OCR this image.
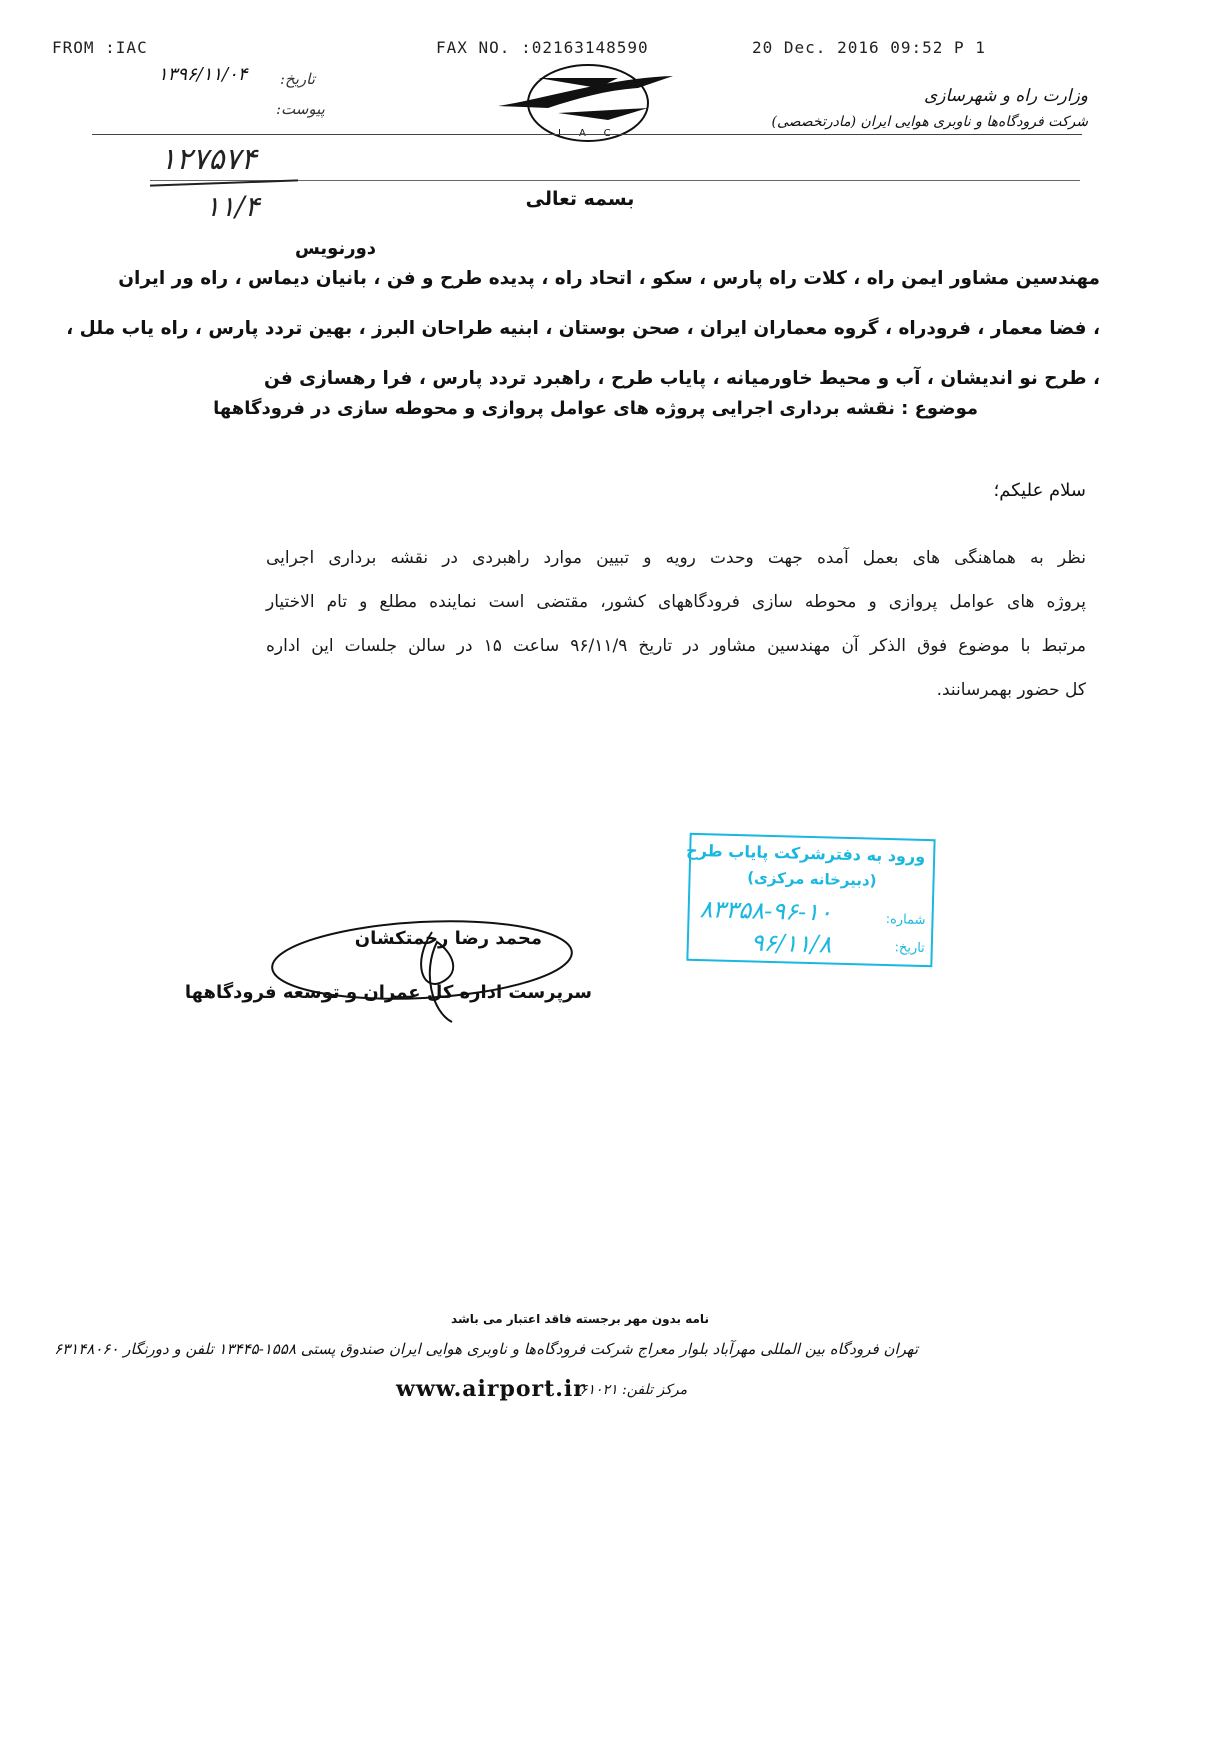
FROM :IAC	FAX NO. :02163148590	20 Dec. 2016 09:52 P 1
۱۳۹۶/۱۱/۰۴ تاریخ:
پیوست:
وزارت راه و شهرسازی
شرکت فرودگاه‌ها و ناوبری هوایی ایران (مادرتخصصی)
۱۲۷۵۷۴
۱۱/۴	بسمه تعالی
دورنویس
مهندسین مشاور ایمن راه ، کلات راه پارس ، سکو ، اتحاد راه ، پدیده طرح و فن ، بانیان دیماس ، راه ور ایران
، فضا معمار ، فرودراه ، گروه معماران ایران ، صحن بوستان ، ابنیه طراحان البرز ، بهین تردد پارس ، راه یاب ملل ،
، طرح نو اندیشان ، آب و محیط خاورمیانه ، پایاب طرح ، راهبرد تردد پارس ، فرا رهسازی فن
موضوع : نقشه برداری اجرایی پروژه های عوامل پروازی و محوطه سازی در فرودگاهها
سلام علیکم؛
نظر به هماهنگی های بعمل آمده جهت وحدت رویه و تبیین موارد راهبردی در نقشه برداری اجرایی
پروژه های عوامل پروازی و محوطه سازی فرودگاههای کشور، مقتضی است نماینده مطلع و تام الاختیار
مرتبط با موضوع فوق الذکر آن مهندسین مشاور در تاریخ ۹۶/۱۱/۹ ساعت ۱۵ در سالن جلسات این اداره
کل حضور بهمرسانند.
ورود به دفترشرکت پایاب طرح
(دبیرخانه مرکزی)
شماره:
۸۳۳۵۸-۹۶-۱۰
تاریخ:
۹۶/۱۱/۸
محمد رضا رحمتکشان
سرپرست اداره کل عمران و توسعه فرودگاهها
نامه بدون مهر برجسته فاقد اعتبار می باشد
تهران فرودگاه بین المللی مهرآباد بلوار معراج شرکت فرودگاه‌ها و ناوبری هوایی ایران صندوق پستی ۱۵۵۸-۱۳۴۴۵ تلفن و دورنگار ۶۳۱۴۸۰۶۰
مرکز تلفن: ۶۱۰۲۱
www.airport.ir
